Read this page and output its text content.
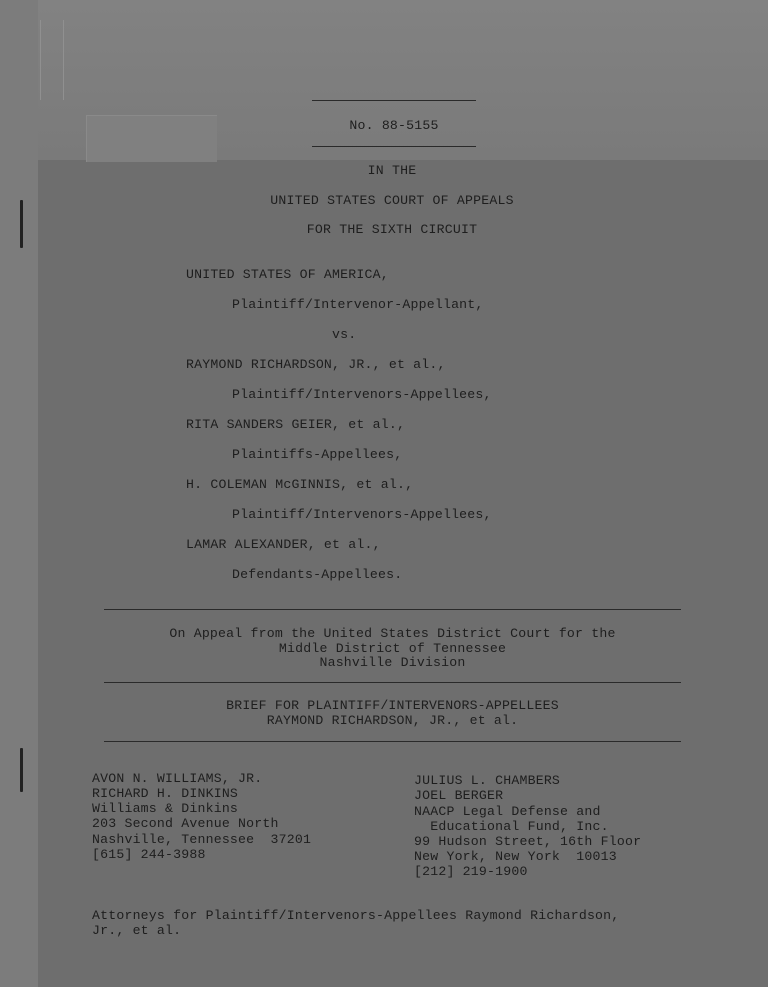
No. 88-5155
IN THE
UNITED STATES COURT OF APPEALS
FOR THE SIXTH CIRCUIT
UNITED STATES OF AMERICA,
Plaintiff/Intervenor-Appellant,
vs.
RAYMOND RICHARDSON, JR., et al.,
Plaintiff/Intervenors-Appellees,
RITA SANDERS GEIER, et al.,
Plaintiffs-Appellees,
H. COLEMAN McGINNIS, et al.,
Plaintiff/Intervenors-Appellees,
LAMAR ALEXANDER, et al.,
Defendants-Appellees.
On Appeal from the United States District Court for the
Middle District of Tennessee
Nashville Division
BRIEF FOR PLAINTIFF/INTERVENORS-APPELLEES
RAYMOND RICHARDSON, JR., et al.
AVON N. WILLIAMS, JR.
RICHARD H. DINKINS
Williams & Dinkins
203 Second Avenue North
Nashville, Tennessee  37201
[615] 244-3988
JULIUS L. CHAMBERS
JOEL BERGER
NAACP Legal Defense and
Educational Fund, Inc.
99 Hudson Street, 16th Floor
New York, New York  10013
[212] 219-1900
Attorneys for Plaintiff/Intervenors-Appellees Raymond Richardson,
Jr., et al.
